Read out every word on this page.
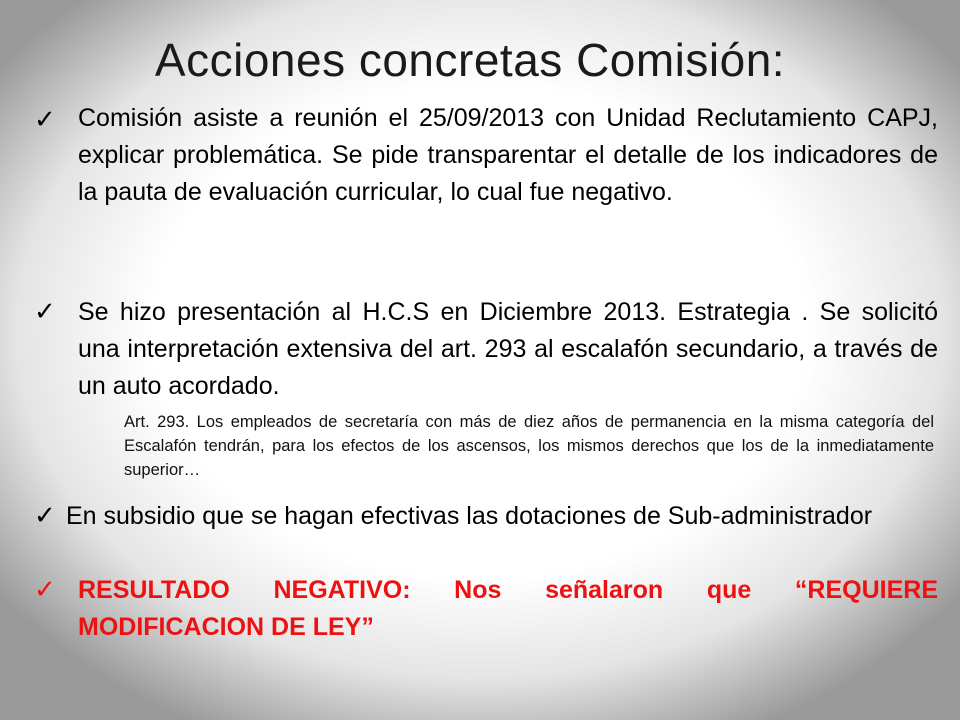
Acciones concretas Comisión:
✓ Comisión asiste a reunión el 25/09/2013 con Unidad Reclutamiento CAPJ, explicar problemática. Se pide transparentar el detalle de los indicadores de la pauta de evaluación curricular, lo cual fue negativo.
✓ Se hizo presentación al H.C.S en Diciembre 2013. Estrategia . Se solicitó una interpretación extensiva del art. 293 al escalafón secundario, a través de un auto acordado.
Art. 293. Los empleados de secretaría con más de diez años de permanencia en la misma categoría del Escalafón tendrán, para los efectos de los ascensos, los mismos derechos que los de la inmediatamente superior…
✓ En subsidio que se hagan efectivas las dotaciones de Sub-administrador
✓ RESULTADO NEGATIVO: Nos señalaron que “REQUIERE MODIFICACION DE LEY”
